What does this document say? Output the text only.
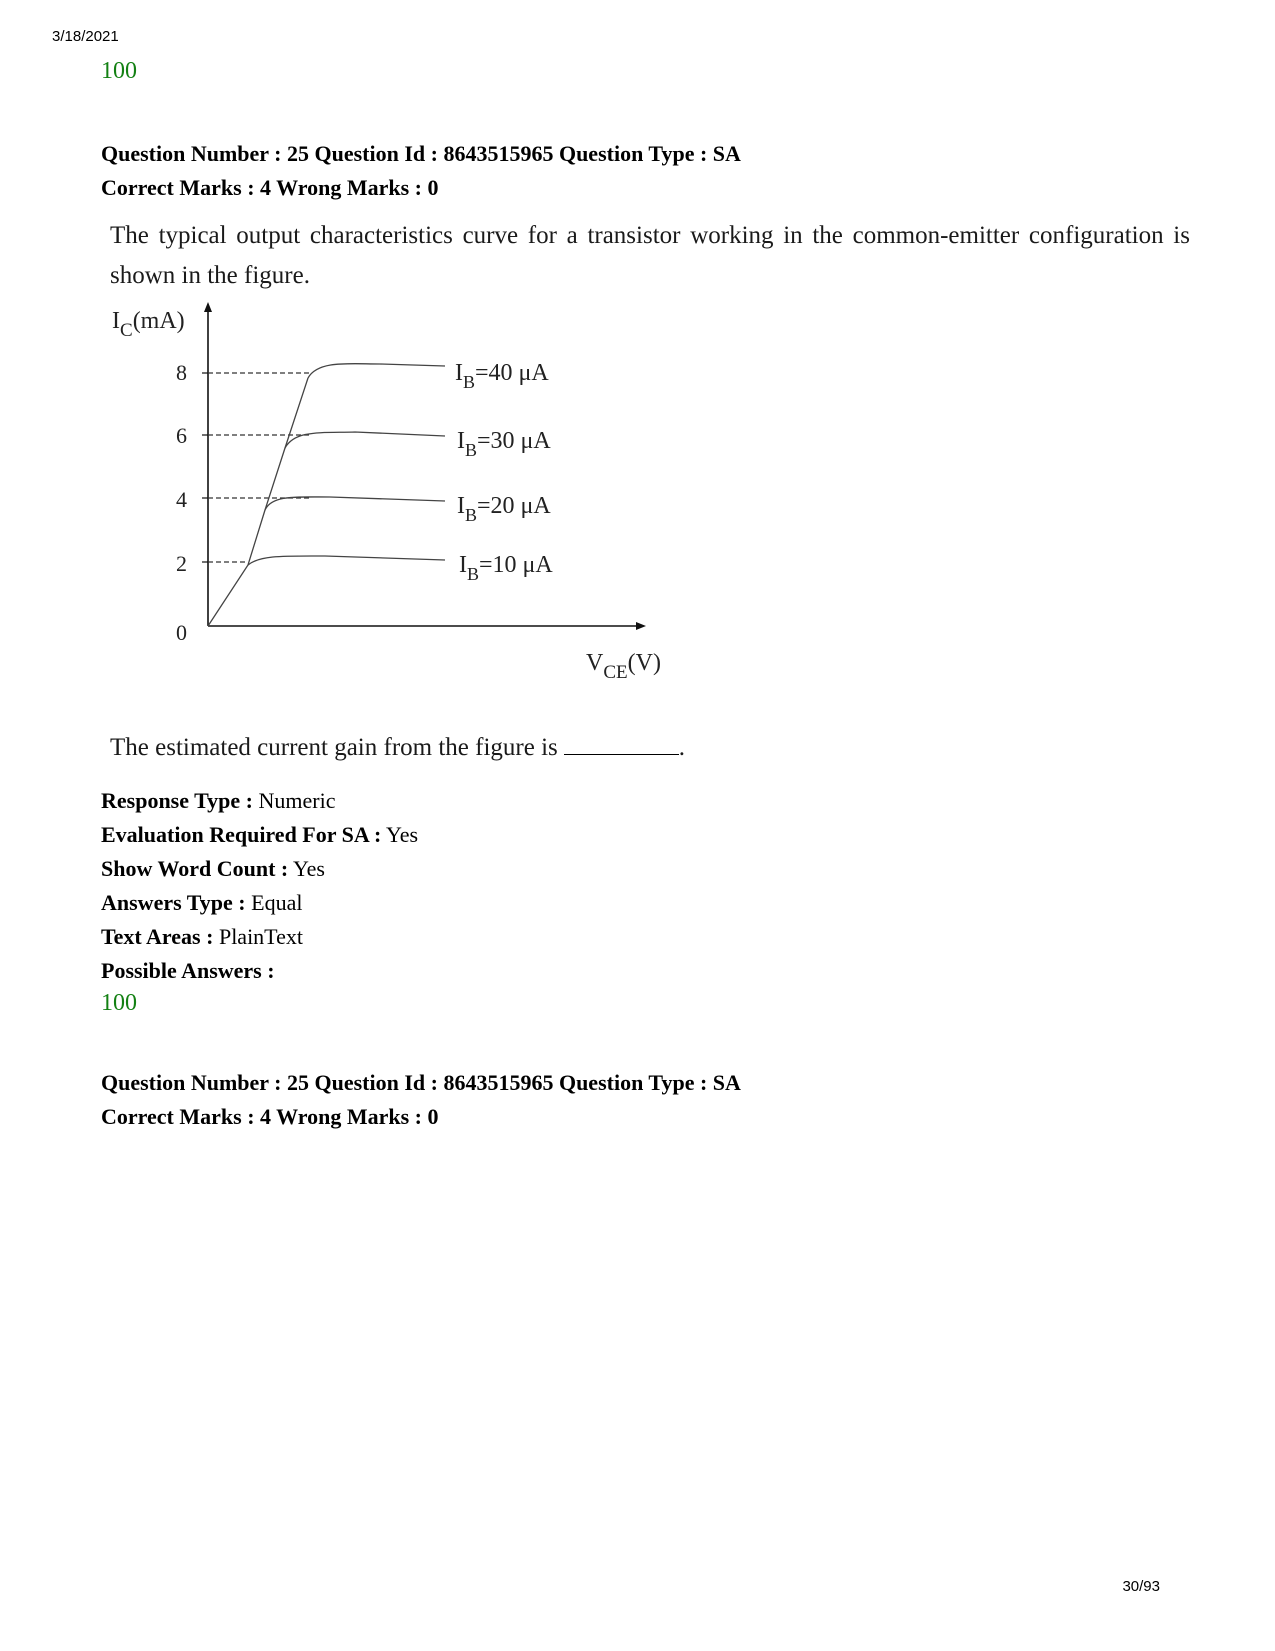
3/18/2021
100
Question Number : 25 Question Id : 8643515965 Question Type : SA
Correct Marks : 4 Wrong Marks : 0
The typical output characteristics curve for a transistor working in the common-emitter configuration is shown in the figure.
$I_C(mA)$
$V_{CE}(V)$
8
6
4
2
0
$I_B=40$ μA
$I_B=30$ μA
$I_B=20$ μA
$I_B=10$ μA
The estimated current gain from the figure is	.
Response Type : Numeric
Evaluation Required For SA : Yes
Show Word Count : Yes
Answers Type : Equal
Text Areas : PlainText
Possible Answers :
100
Question Number : 25 Question Id : 8643515965 Question Type : SA
Correct Marks : 4 Wrong Marks : 0
30/93
